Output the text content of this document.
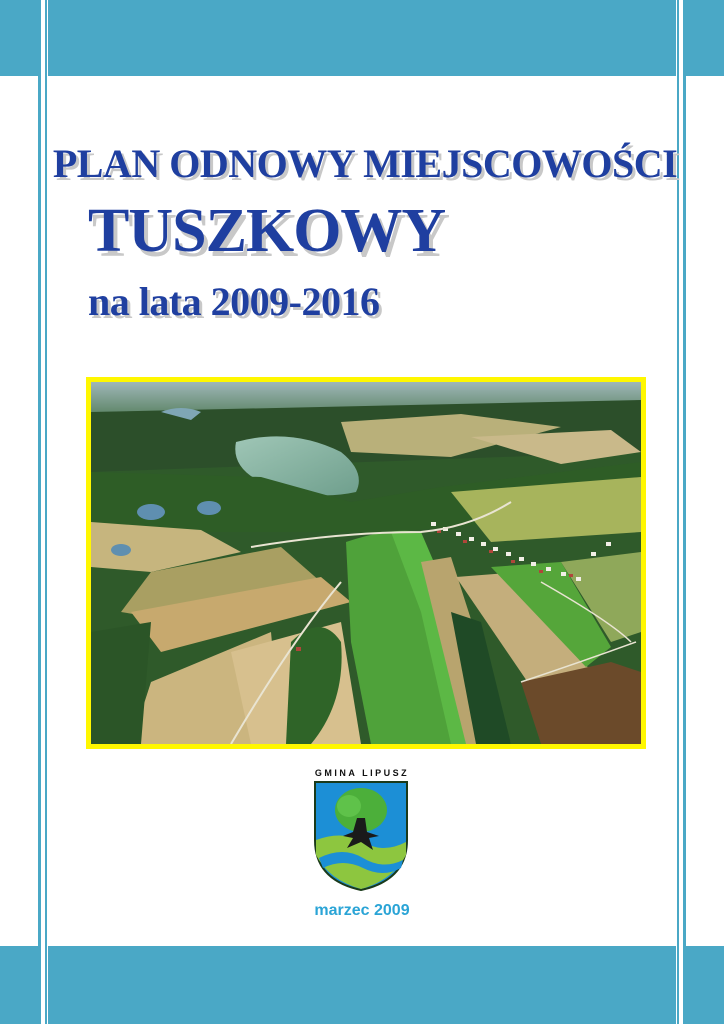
PLAN ODNOWY MIEJSCOWOŚCI
TUSZKOWY
na lata 2009-2016
GMINA LIPUSZ
marzec 2009
